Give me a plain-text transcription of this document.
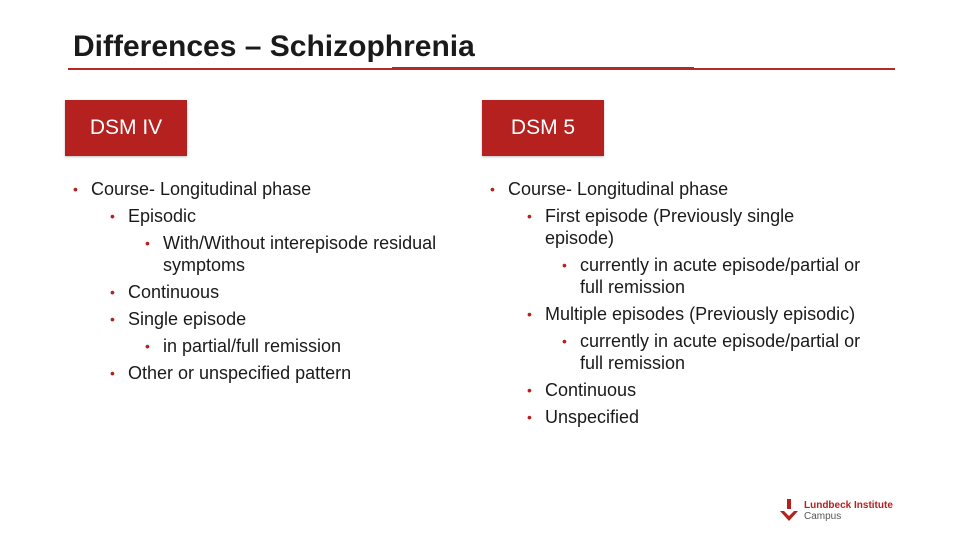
Differences – Schizophrenia
DSM IV	DSM 5
• Course- Longitudinal phase
• Episodic
• With/Without interepisode residual symptoms
• Continuous
• Single episode
• in partial/full remission
• Other or unspecified pattern
• Course- Longitudinal phase
• First episode (Previously single episode)
• currently in acute episode/partial or full remission
• Multiple episodes (Previously episodic)
• currently in acute episode/partial or full remission
• Continuous
• Unspecified
Lundbeck Institute
Campus
